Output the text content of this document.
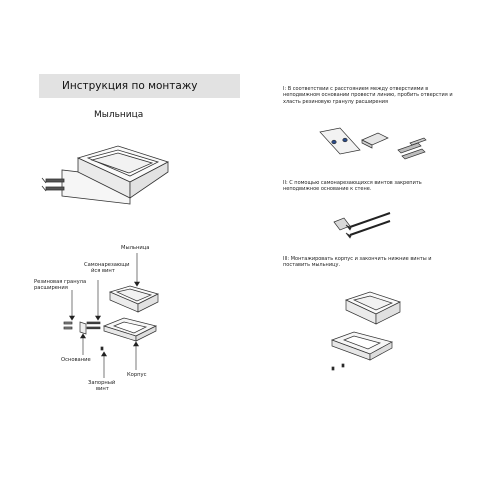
Инструкция по монтажу
Мыльница
Мыльница
Самонарезающи
йся винт
Резиновая гранула
расширения
Основание
Запорный
винт
Корпус
I: В соответствии с расстоянием между отверстиями в неподвижном основании провести линию, пробить отверстия и хласть резиновую гранулу расширения
II: С помощью самонарезающихся винтов закрепить неподвижное основание к стене.
III: Монтажировать корпус и закончить нижние винты и поставить мыльницу.
